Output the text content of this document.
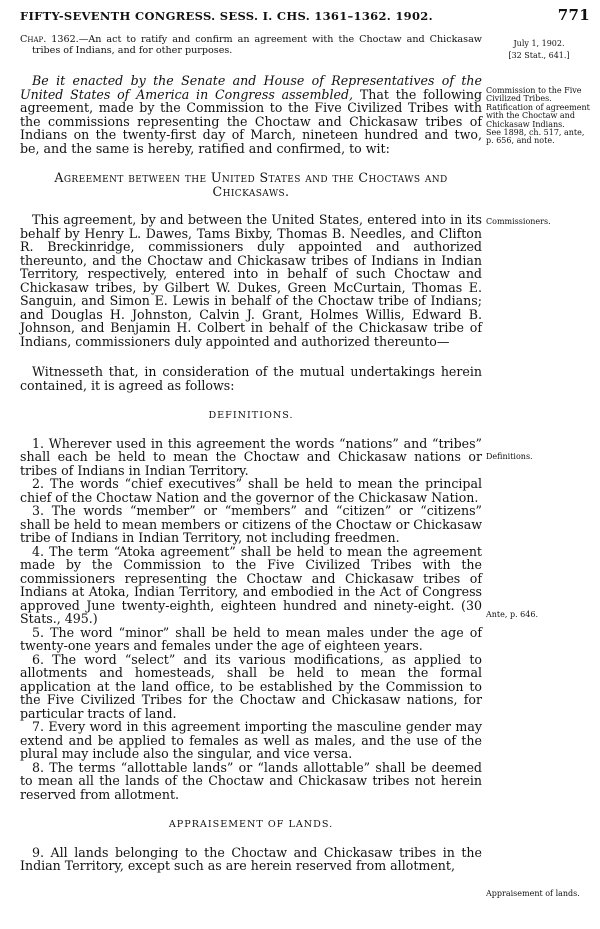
FIFTY-SEVENTH CONGRESS. SESS. I. CHS. 1361–1362. 1902.	771

Chap. 1362.—An act to ratify and confirm an agreement with the Choctaw and Chickasaw tribes of Indians, and for other purposes.

Be it enacted by the Senate and House of Representatives of the United States of America in Congress assembled, That the following agreement, made by the Commission to the Five Civilized Tribes with the commissions representing the Choctaw and Chickasaw tribes of Indians on the twenty-first day of March, nineteen hundred and two, be, and the same is hereby, ratified and confirmed, to wit:

Agreement between the United States and the Choctaws and Chickasaws.

This agreement, by and between the United States, entered into in its behalf by Henry L. Dawes, Tams Bixby, Thomas B. Needles, and Clifton R. Breckinridge, commissioners duly appointed and authorized thereunto, and the Choctaw and Chickasaw tribes of Indians in Indian Territory, respectively, entered into in behalf of such Choctaw and Chickasaw tribes, by Gilbert W. Dukes, Green McCurtain, Thomas E. Sanguin, and Simon E. Lewis in behalf of the Choctaw tribe of Indians; and Douglas H. Johnston, Calvin J. Grant, Holmes Willis, Edward B. Johnson, and Benjamin H. Colbert in behalf of the Chickasaw tribe of Indians, commissioners duly appointed and authorized thereunto—

Witnesseth that, in consideration of the mutual undertakings herein contained, it is agreed as follows:

DEFINITIONS.

1. Wherever used in this agreement the words “nations” and “tribes” shall each be held to mean the Choctaw and Chickasaw nations or tribes of Indians in Indian Territory.

2. The words “chief executives” shall be held to mean the principal chief of the Choctaw Nation and the governor of the Chickasaw Nation.

3. The words “member” or “members” and “citizen” or “citizens” shall be held to mean members or citizens of the Choctaw or Chickasaw tribe of Indians in Indian Territory, not including freedmen.

4. The term “Atoka agreement” shall be held to mean the agreement made by the Commission to the Five Civilized Tribes with the commissioners representing the Choctaw and Chickasaw tribes of Indians at Atoka, Indian Territory, and embodied in the Act of Congress approved June twenty-eighth, eighteen hundred and ninety-eight. (30 Stats., 495.)

5. The word “minor” shall be held to mean males under the age of twenty-one years and females under the age of eighteen years.

6. The word “select” and its various modifications, as applied to allotments and homesteads, shall be held to mean the formal application at the land office, to be established by the Commission to the Five Civilized Tribes for the Choctaw and Chickasaw nations, for particular tracts of land.

7. Every word in this agreement importing the masculine gender may extend and be applied to females as well as males, and the use of the plural may include also the singular, and vice versa.

8. The terms “allottable lands” or “lands allottable” shall be deemed to mean all the lands of the Choctaw and Chickasaw tribes not herein reserved from allotment.

APPRAISEMENT OF LANDS.

9. All lands belonging to the Choctaw and Chickasaw tribes in the Indian Territory, except such as are herein reserved from allotment,

July 1, 1902.
[32 Stat., 641.]
Commission to the Five Civilized Tribes.
Ratification of agreement with the Choctaw and Chickasaw Indians.
See 1898, ch. 517, ante, p. 656, and note.
Commissioners.
Definitions.
Ante, p. 646.
Appraisement of lands.
